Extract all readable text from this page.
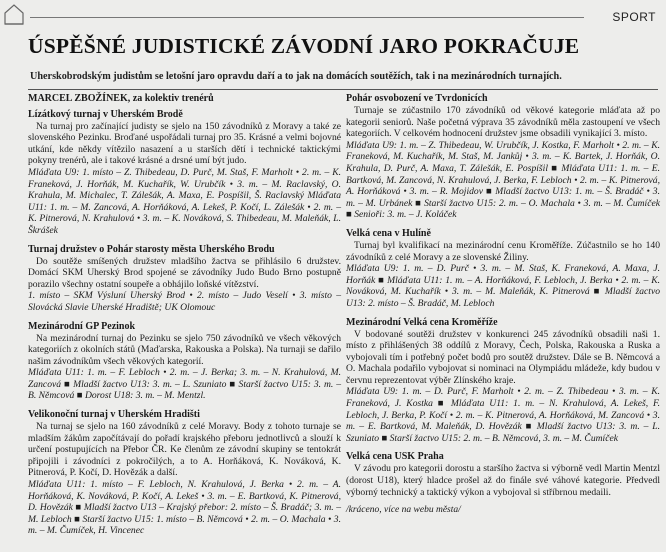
SPORT
ÚSPĚŠNÉ JUDISTICKÉ ZÁVODNÍ JARO POKRAČUJE
Uherskobrodským judistům se letošní jaro opravdu daří a to jak na domácích soutěžích, tak i na mezinárodních turnajích.
MARCEL ZBOŽÍNEK, za kolektiv trenérů
Lízátkový turnaj v Uherském Brodě

Na turnaj pro začínající judisty se sjelo na 150 závodníků z Moravy a také ze slovenského Pezinku. Broďané uspořádali turnaj pro 35. Krásné a velmi bojovné utkání, kde někdy vítězilo nasazení a u starších dětí i technické taktickými pokyny trenérů, ale i takové krásné a drsné umí být judo.

Mláďata U9: 1. místo – Z. Thibedeau, D. Purč, M. Staš, F. Marholt • 2. m. – K. Franeková, J. Horňák, M. Kuchařík, W. Urubčík • 3. m. – M. Raclavský, O. Krahula, M. Michalec, T. Zálešák, A. Maxa, E. Pospíšil, Š. Raclavský Mláďata U11: 1. m. – M. Zancová, A. Horňáková, A. Lekeš, P. Kočí, L. Zálešák • 2. m. – K. Pitnerová, N. Krahulová • 3. m. – K. Nováková, S. Thibedeau, M. Maleňák, L. Škrášek

Turnaj družstev o Pohár starosty města Uherského Brodu

Do soutěže smíšených družstev mladšího žactva se přihlásilo 6 družstev. Domácí SKM Uherský Brod spojené se závodníky Judo Budo Brno postupně porazilo všechny ostatní soupeře a obhájilo loňské vítězství.

1. místo – SKM Výsluní Uherský Brod • 2. místo – Judo Veselí • 3. místo – Slovácká Slavie Uherské Hradiště; UK Olomouc

Mezinárodní GP Pezinok

Na mezinárodní turnaj do Pezinku se sjelo 750 závodníků ve všech věkových kategoriích z okolních států (Maďarska, Rakouska a Polska). Na turnaji se dařilo našim závodníkům všech věkových kategorií.

Mláďata U11: 1. m. – F. Lebloch • 2. m. – J. Berka; 3. m. – N. Krahulová, M. Zancová ■ Mladší žactvo U13: 3. m. – L. Szuniato ■ Starší žactvo U15: 3. m. – B. Němcová ■ Dorost U18: 3. m. – M. Mentzl.

Velikonoční turnaj v Uherském Hradišti

Na turnaj se sjelo na 160 závodníků z celé Moravy. Body z tohoto turnaje se mladším žákům započítávají do pořadí krajského přeboru jednotlivců a slouží k určení postupujících na Přebor ČR. Ke členům ze závodní skupiny se tentokrát připojili i závodníci z pokročilých, a to A. Horňáková, K. Nováková, K. Pitnerová, P. Kočí, D. Hovězák a další.

Mláďata U11: 1. místo – F. Lebloch, N. Krahulová, J. Berka • 2. m. – A. Horňáková, K. Nováková, P. Kočí, A. Lekeš • 3. m. – E. Bartková, K. Pitnerová, D. Hovězák ■ Mladší žactvo U13 – Krajský přebor: 2. místo – Š. Bradáč; 3. m. – M. Lebloch ■ Starší žactvo U15: 1. místo – B. Němcová • 2. m. – O. Machala • 3. m. – M. Čumíček, H. Vincenec

Pohár osvobození ve Tvrdonicích

Turnaje se zúčastnilo 170 závodníků od věkové kategorie mláďata až po kategorii seniorů. Naše početná výprava 35 závodníků měla zastoupení ve všech kategoriích. V celkovém hodnocení družstev jsme obsadili vynikající 3. místo.

Mláďata U9: 1. m. – Z. Thibedeau, W. Urubčík, J. Kostka, F. Marholt • 2. m. – K. Franeková, M. Kuchařík, M. Staš, M. Jankůj • 3. m. – K. Bartek, J. Horňák, O. Krahula, D. Purč, A. Maxa, T. Zálešák, E. Pospíšil ■ Mláďata U11: 1. m. – E. Bartková, M. Zancová, N. Krahulová, J. Berka, F. Lebloch • 2. m. – K. Pitnerová, A. Horňáková • 3. m. – R. Mojidov ■ Mladší žactvo U13: 1. m. – Š. Bradáč • 3. m. – M. Urbánek ■ Starší žactvo U15: 2. m. – O. Machala • 3. m. – M. Čumíček ■ Senioři: 3. m. – J. Koláček

Velká cena v Hulíně

Turnaj byl kvalifikací na mezinárodní cenu Kroměříže. Zúčastnilo se ho 140 závodníků z celé Moravy a ze slovenské Žiliny.

Mláďata U9: 1. m. – D. Purč • 3. m. – M. Staš, K. Franeková, A. Maxa, J. Horňák ■ Mláďata U11: 1. m. – A. Horňáková, F. Lebloch, J. Berka • 2. m. – K. Nováková, M. Kuchařík • 3. m. – M. Maleňák, K. Pitnerová ■ Mladší žactvo U13: 2. místo – Š. Bradáč, M. Lebloch

Mezinárodní Velká cena Kroměříže

V bodované soutěži družstev v konkurenci 245 závodníků obsadili naši 1. místo z přihlášených 38 oddílů z Moravy, Čech, Polska, Rakouska a Ruska a vybojovali tím i potřebný počet bodů pro soutěž družstev. Dále se B. Němcová a O. Machala podařilo vybojovat si nominaci na Olympiádu mládeže, kdy budou v červnu reprezentovat výběr Zlínského kraje.

Mláďata U9: 1. m. – D. Purč, F. Marholt • 2. m. – Z. Thibedeau • 3. m. – K. Franeková, J. Kostka ■ Mláďata U11: 1. m. – N. Krahulová, A. Lekeš, F. Lebloch, J. Berka, P. Kočí • 2. m. – K. Pitnerová, A. Horňáková, M. Zancová • 3. m. – E. Bartková, M. Maleňák, D. Hovězák ■ Mladší žactvo U13: 3. m. – L. Szuniato ■ Starší žactvo U15: 2. m. – B. Němcová, 3. m. – M. Čumíček

Velká cena USK Praha

V závodu pro kategorii dorostu a staršího žactva si výborně vedl Martin Mentzl (dorost U18), který hladce prošel až do finále své váhové kategorie. Předvedl výborný technický a taktický výkon a vybojoval si stříbrnou medaili.

/kráceno, více na webu města/
